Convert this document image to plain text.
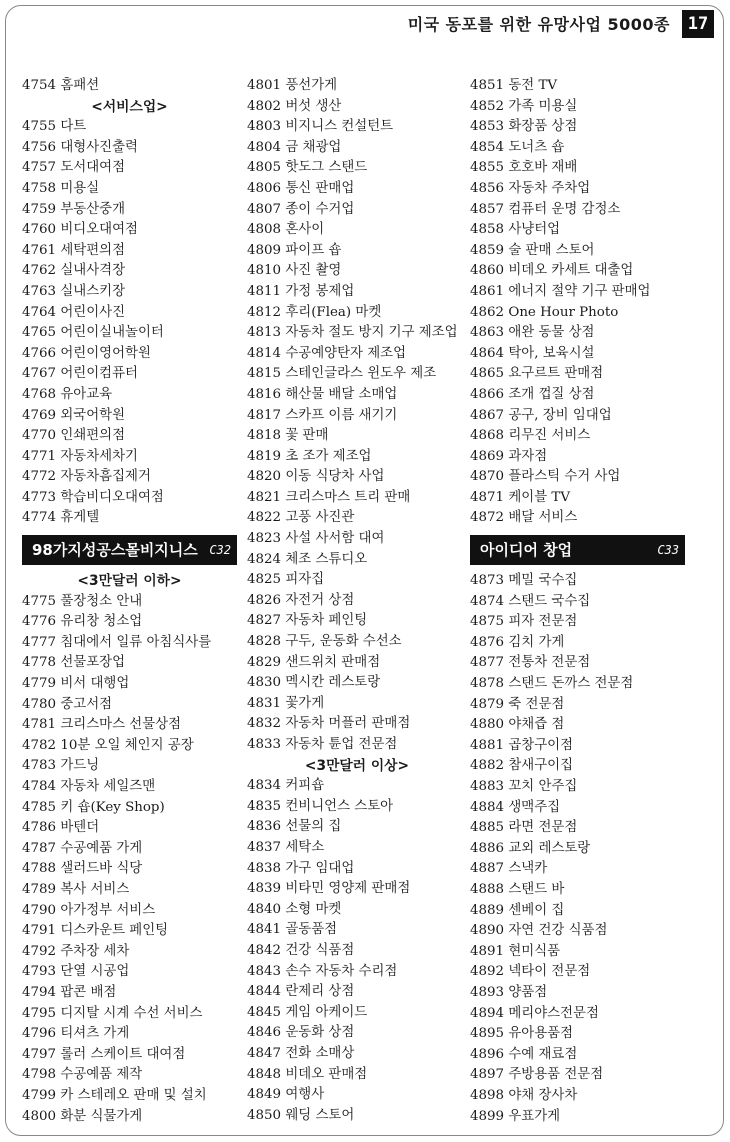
미국 동포를 위한 유망사업 5000종	17
4754 홈패션
<서비스업>
4755 다트
4756 대형사진출력
4757 도서대여점
4758 미용실
4759 부동산중개
4760 비디오대여점
4761 세탁편의점
4762 실내사격장
4763 실내스키장
4764 어린이사진
4765 어린이실내놀이터
4766 어린이영어학원
4767 어린이컴퓨터
4768 유아교육
4769 외국어학원
4770 인쇄편의점
4771 자동차세차기
4772 자동차흠집제거
4773 학습비디오대여점
4774 휴게텔
98가지성공스몰비지니스 C32
<3만달러 이하>
4775 풀장청소 안내
4776 유리창 청소업
4777 침대에서 일류 아침식사를
4778 선물포장업
4779 비서 대행업
4780 중고서점
4781 크리스마스 선물상점
4782 10분 오일 체인지 공장
4783 가드닝
4784 자동차 세일즈맨
4785 키 숍(Key Shop)
4786 바텐더
4787 수공예품 가게
4788 샐러드바 식당
4789 복사 서비스
4790 아가정부 서비스
4791 디스카운트 페인팅
4792 주차장 세차
4793 단열 시공업
4794 팝콘 배점
4795 디지탈 시계 수선 서비스
4796 티셔츠 가게
4797 롤러 스케이트 대여점
4798 수공예품 제작
4799 카 스테레오 판매 및 설치
4800 화분 식물가게
4801 풍선가게
4802 버섯 생산
4803 비지니스 컨설턴트
4804 금 채광업
4805 핫도그 스탠드
4806 통신 판매업
4807 종이 수거업
4808 혼사이
4809 파이프 숍
4810 사진 촬영
4811 가정 봉제업
4812 후리(Flea) 마켓
4813 자동차 절도 방지 기구 제조업
4814 수공예양탄자 제조업
4815 스테인글라스 윈도우 제조
4816 해산물 배달 소매업
4817 스카프 이름 새기기
4818 꽃 판매
4819 초 조가 제조업
4820 이동 식당차 사업
4821 크리스마스 트리 판매
4822 고풍 사진관
4823 사설 사서함 대여
4824 체조 스튜디오
4825 피자집
4826 자전거 상점
4827 자동차 페인팅
4828 구두, 운동화 수선소
4829 샌드위치 판매점
4830 멕시칸 레스토랑
4831 꽃가게
4832 자동차 머플러 판매점
4833 자동차 튠업 전문점
<3만달러 이상>
4834 커피숍
4835 컨비니언스 스토아
4836 선물의 집
4837 세탁소
4838 가구 임대업
4839 비타민 영양제 판매점
4840 소형 마켓
4841 골동품점
4842 건강 식품점
4843 손수 자동차 수리점
4844 란제리 상점
4845 게임 아케이드
4846 운동화 상점
4847 전화 소매상
4848 비데오 판매점
4849 여행사
4850 웨딩 스토어
4851 동전 TV
4852 가족 미용실
4853 화장품 상점
4854 도너츠 숍
4855 호호바 재배
4856 자동차 주차업
4857 컴퓨터 운명 감정소
4858 사냥터업
4859 술 판매 스토어
4860 비데오 카세트 대출업
4861 에너지 절약 기구 판매업
4862 One Hour Photo
4863 애완 동물 상점
4864 탁아, 보육시설
4865 요구르트 판매점
4866 조개 껍질 상점
4867 공구, 장비 임대업
4868 리무진 서비스
4869 과자점
4870 플라스틱 수거 사업
4871 케이블 TV
4872 배달 서비스
아이디어 창업	C33
4873 메밀 국수집
4874 스탠드 국수집
4875 피자 전문점
4876 김치 가게
4877 전통차 전문점
4878 스탠드 돈까스 전문점
4879 죽 전문점
4880 야채즙 점
4881 곱창구이점
4882 참새구이집
4883 꼬치 안주집
4884 생맥주집
4885 라면 전문점
4886 교외 레스토랑
4887 스낵카
4888 스탠드 바
4889 센베이 집
4890 자연 건강 식품점
4891 현미식품
4892 넥타이 전문점
4893 양품점
4894 메리야스전문점
4895 유아용품점
4896 수예 재료점
4897 주방용품 전문점
4898 야채 장사차
4899 우표가게
